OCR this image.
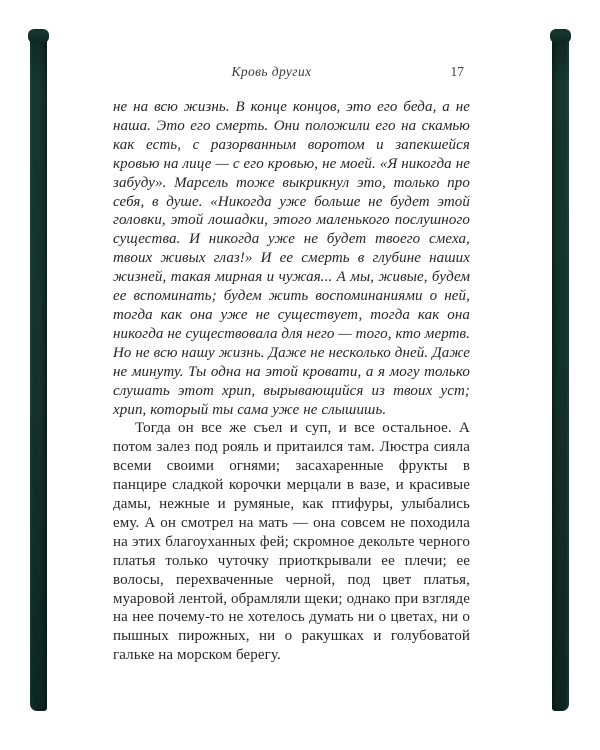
Кровь других	17

не на всю жизнь. В конце концов, это его беда, а не наша. Это его смерть. Они положили его на скамью как есть, с разорванным воротом и запекшейся кровью на лице — с его кровью, не моей. «Я никогда не забуду». Марсель тоже выкрикнул это, только про себя, в душе. «Никогда уже больше не будет этой головки, этой лошадки, этого маленького послушного существа. И никогда уже не будет твоего смеха, твоих живых глаз!» И ее смерть в глубине наших жизней, такая мирная и чужая... А мы, живые, будем ее вспоминать; будем жить воспоминаниями о ней, тогда как она уже не существует, тогда как она никогда не существовала для него — того, кто мертв. Но не всю нашу жизнь. Даже не несколько дней. Даже не минуту. Ты одна на этой кровати, а я могу только слушать этот хрип, вырывающийся из твоих уст; хрип, который ты сама уже не слышишь.

Тогда он все же съел и суп, и все остальное. А потом залез под рояль и притаился там. Люстра сияла всеми своими огнями; засахаренные фрукты в панцире сладкой корочки мерцали в вазе, и красивые дамы, нежные и румяные, как птифуры, улыбались ему. А он смотрел на мать — она совсем не походила на этих благоуханных фей; скромное декольте черного платья только чуточку приоткрывали ее плечи; ее волосы, перехваченные черной, под цвет платья, муаровой лентой, обрамляли щеки; однако при взгляде на нее почему-то не хотелось думать ни о цветах, ни о пышных пирожных, ни о ракушках и голубоватой гальке на морском берегу.
